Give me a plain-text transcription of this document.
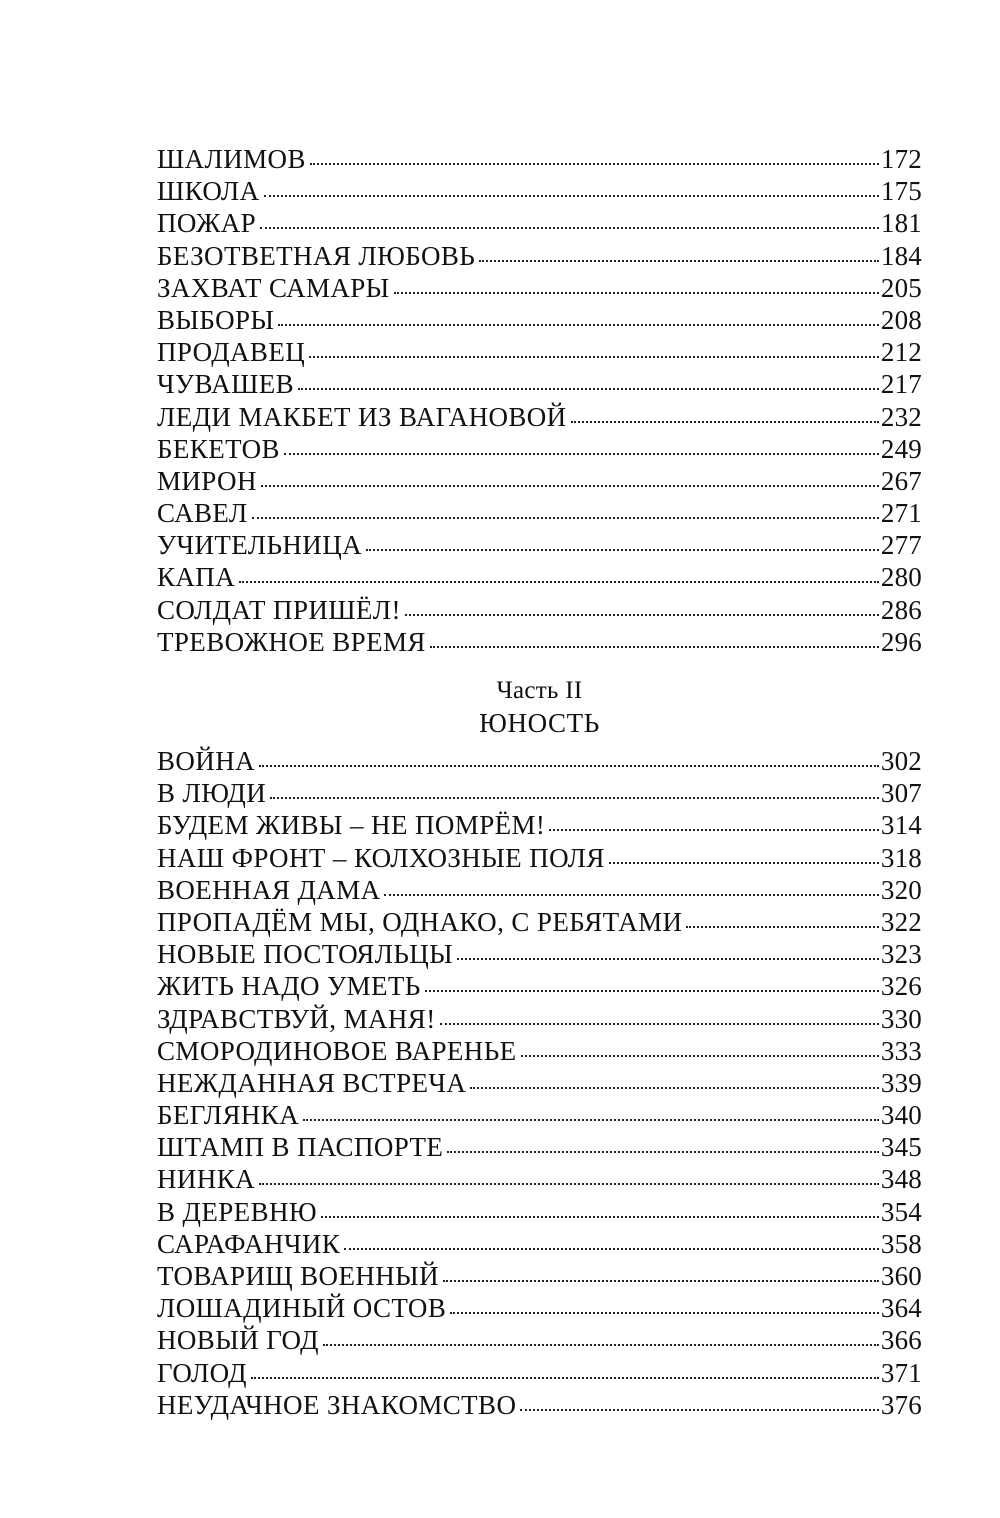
ШАЛИМОВ	172
ШКОЛА	175
ПОЖАР	181
БЕЗОТВЕТНАЯ ЛЮБОВЬ	184
ЗАХВАТ САМАРЫ	205
ВЫБОРЫ	208
ПРОДАВЕЦ	212
ЧУВАШЕВ	217
ЛЕДИ МАКБЕТ ИЗ ВАГАНОВОЙ	232
БЕКЕТОВ	249
МИРОН	267
САВЕЛ	271
УЧИТЕЛЬНИЦА	277
КАПА	280
СОЛДАТ ПРИШЁЛ!	286
ТРЕВОЖНОЕ ВРЕМЯ	296
Часть II
ЮНОСТЬ
ВОЙНА	302
В ЛЮДИ	307
БУДЕМ ЖИВЫ – НЕ ПОМРЁМ!	314
НАШ ФРОНТ – КОЛХОЗНЫЕ ПОЛЯ	318
ВОЕННАЯ ДАМА	320
ПРОПАДЁМ МЫ, ОДНАКО, С РЕБЯТАМИ	322
НОВЫЕ ПОСТОЯЛЬЦЫ	323
ЖИТЬ НАДО УМЕТЬ	326
ЗДРАВСТВУЙ, МАНЯ!	330
СМОРОДИНОВОЕ ВАРЕНЬЕ	333
НЕЖДАННАЯ ВСТРЕЧА	339
БЕГЛЯНКА	340
ШТАМП В ПАСПОРТЕ	345
НИНКА	348
В ДЕРЕВНЮ	354
САРАФАНЧИК	358
ТОВАРИЩ ВОЕННЫЙ	360
ЛОШАДИНЫЙ ОСТОВ	364
НОВЫЙ ГОД	366
ГОЛОД	371
НЕУДАЧНОЕ ЗНАКОМСТВО	376
